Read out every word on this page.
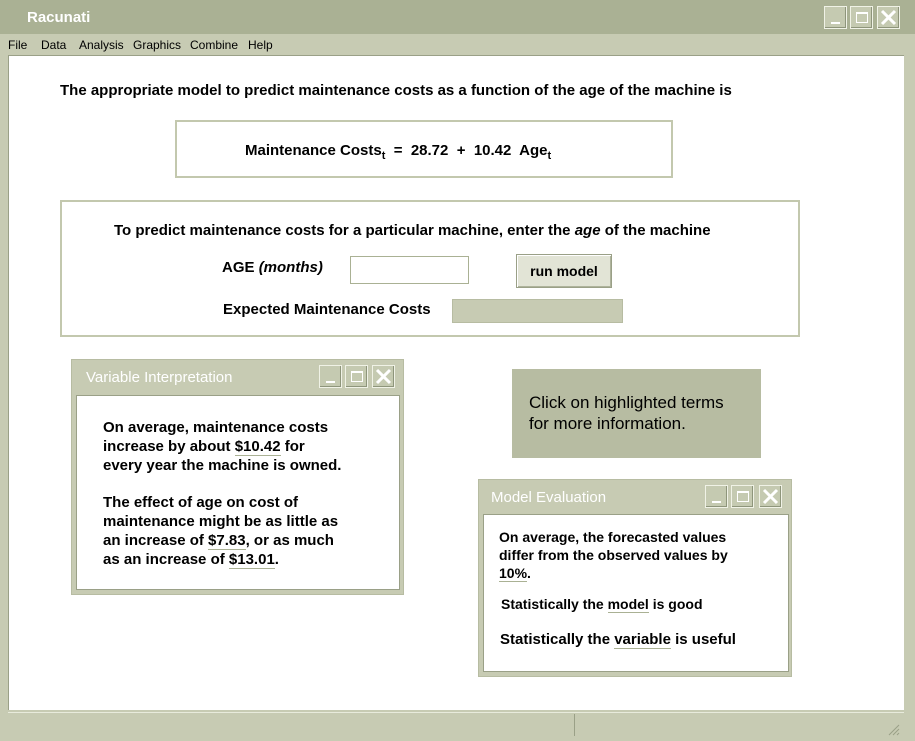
Racunati
File Data Analysis Graphics Combine Help
The appropriate model to predict maintenance costs as a function of the age of the machine is
Maintenance Costs$_t$ = 28.72 + 10.42 Age$_t$
To predict maintenance costs for a particular machine, enter the age of the machine
AGE (months)	run model
Expected Maintenance Costs
Variable Interpretation
On average, maintenance costs
increase by about $10.42 for
every year the machine is owned.
The effect of age on cost of
maintenance might be as little as
an increase of $7.83, or as much
as an increase of $13.01.
Click on highlighted terms
for more information.
Model Evaluation
On average, the forecasted values
differ from the observed values by
10%.
Statistically the model is good
Statistically the variable is useful
